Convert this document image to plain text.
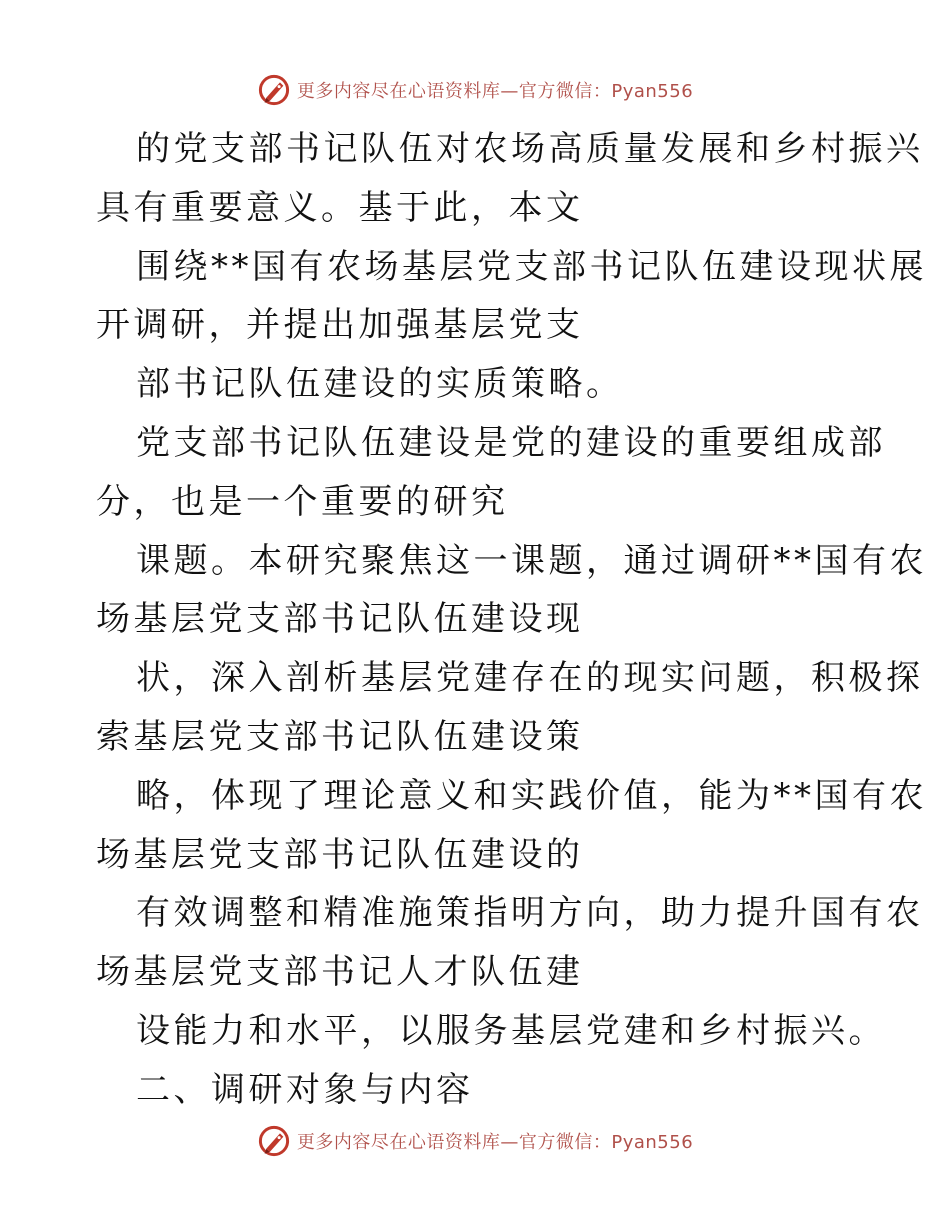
更多内容尽在心语资料库—官方微信：Pyan556

的党支部书记队伍对农场高质量发展和乡村振兴

具有重要意义。基于此，本文

围绕**国有农场基层党支部书记队伍建设现状展

开调研，并提出加强基层党支

部书记队伍建设的实质策略。

党支部书记队伍建设是党的建设的重要组成部

分，也是一个重要的研究

课题。本研究聚焦这一课题，通过调研**国有农

场基层党支部书记队伍建设现

状，深入剖析基层党建存在的现实问题，积极探

索基层党支部书记队伍建设策

略，体现了理论意义和实践价值，能为**国有农

场基层党支部书记队伍建设的

有效调整和精准施策指明方向，助力提升国有农

场基层党支部书记人才队伍建

设能力和水平，以服务基层党建和乡村振兴。

二、调研对象与内容

更多内容尽在心语资料库—官方微信：Pyan556
